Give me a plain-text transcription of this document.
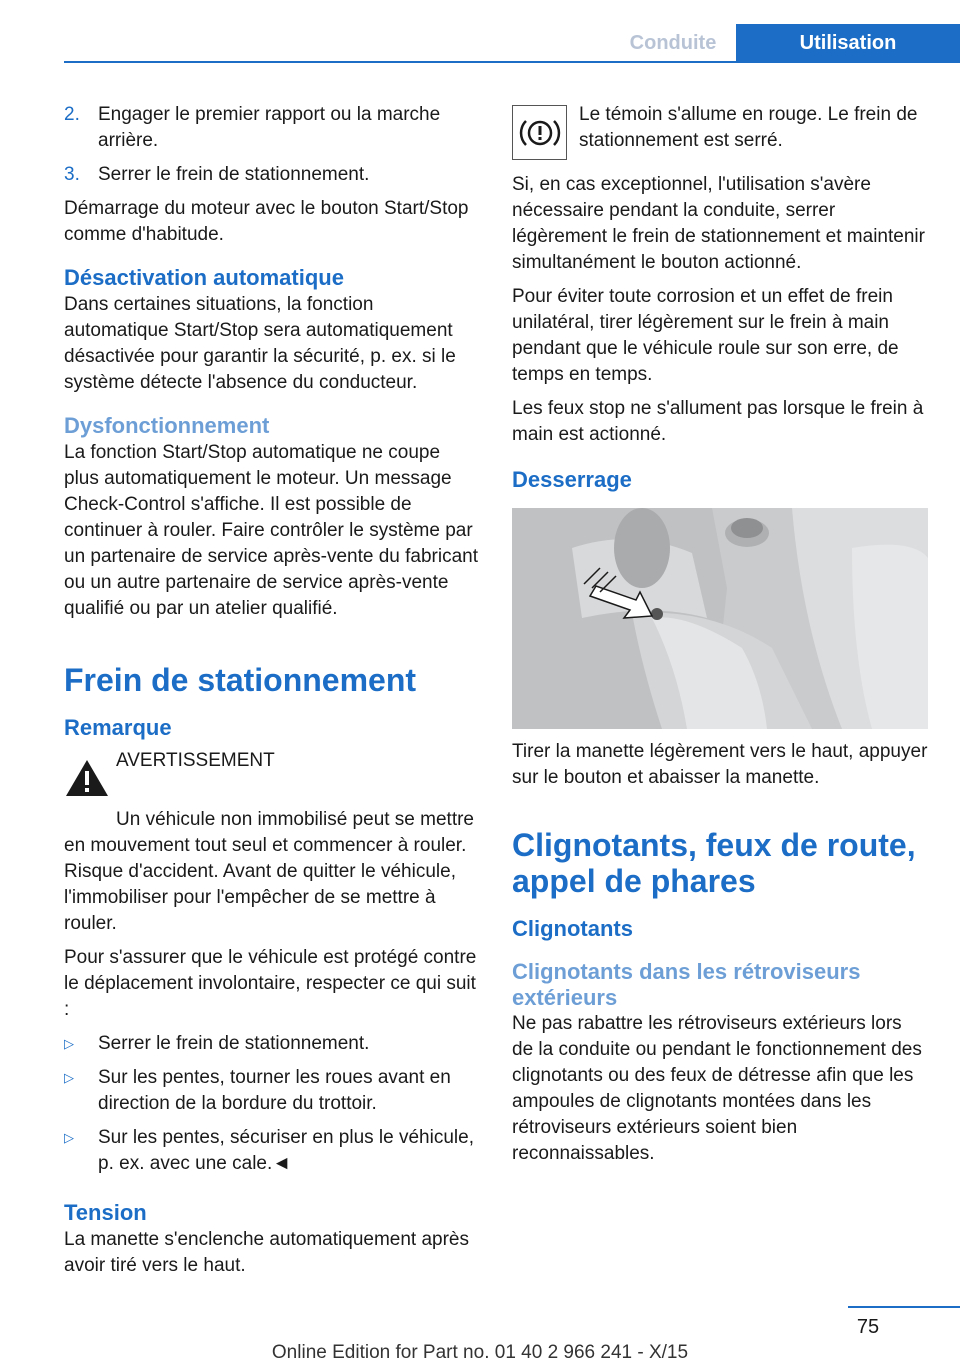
Conduite	Utilisation
2. Engager le premier rapport ou la marche arrière.
3. Serrer le frein de stationnement.

Démarrage du moteur avec le bouton Start/Stop comme d'habitude.

Désactivation automatique

Dans certaines situations, la fonction automatique Start/Stop sera automatiquement désactivée pour garantir la sécurité, p. ex. si le système détecte l'absence du conducteur.

Dysfonctionnement

La fonction Start/Stop automatique ne coupe plus automatiquement le moteur. Un message Check-Control s'affiche. Il est possible de continuer à rouler. Faire contrôler le système par un partenaire de service après-vente du fabricant ou un autre partenaire de service après-vente qualifié ou par un atelier qualifié.

Frein de stationnement
Remarque
AVERTISSEMENT

Un véhicule non immobilisé peut se mettre en mouvement tout seul et commencer à rouler. Risque d'accident. Avant de quitter le véhicule, l'immobiliser pour l'empêcher de se mettre à rouler.

Pour s'assurer que le véhicule est protégé contre le déplacement involontaire, respecter ce qui suit :

▷	Serrer le frein de stationnement.
▷	Sur les pentes, tourner les roues avant en direction de la bordure du trottoir.
▷	Sur les pentes, sécuriser en plus le véhicule, p. ex. avec une cale.◄
Tension

La manette s'enclenche automatiquement après avoir tiré vers le haut.

Le témoin s'allume en rouge. Le frein de stationnement est serré.

Si, en cas exceptionnel, l'utilisation s'avère nécessaire pendant la conduite, serrer légèrement le frein de stationnement et maintenir simultanément le bouton actionné.

Pour éviter toute corrosion et un effet de frein unilatéral, tirer légèrement sur le frein à main pendant que le véhicule roule sur son erre, de temps en temps.

Les feux stop ne s'allument pas lorsque le frein à main est actionné.

Desserrage

Tirer la manette légèrement vers le haut, appuyer sur le bouton et abaisser la manette.

Clignotants, feux de route, appel de phares
Clignotants
Clignotants dans les rétroviseurs extérieurs

Ne pas rabattre les rétroviseurs extérieurs lors de la conduite ou pendant le fonctionnement des clignotants ou des feux de détresse afin que les ampoules de clignotants montées dans les rétroviseurs extérieurs soient bien reconnaissables.

75
Online Edition for Part no. 01 40 2 966 241 - X/15
